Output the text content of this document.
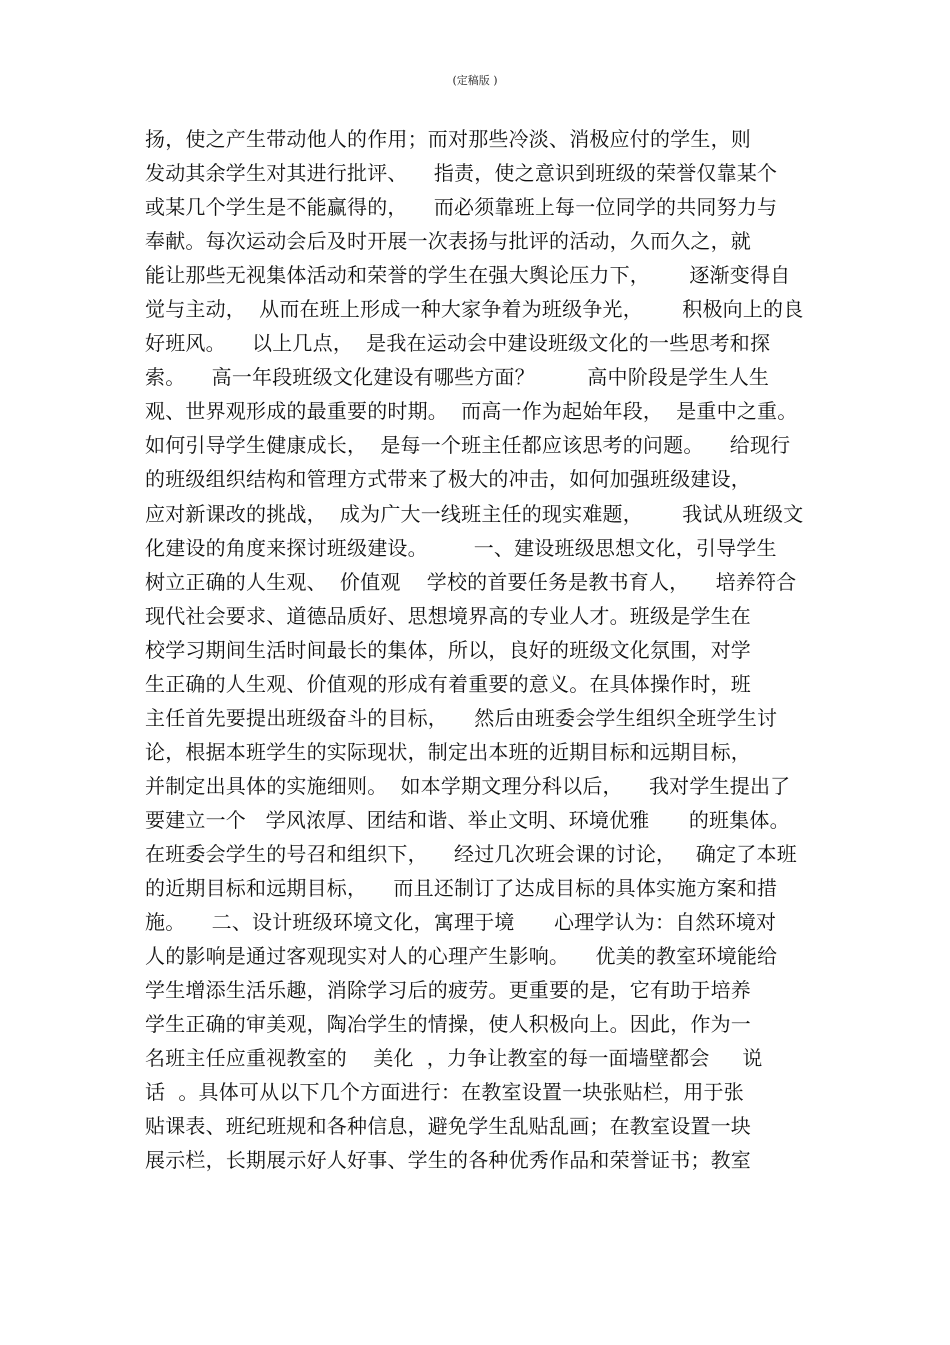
(定稿版 )
扬，使之产生带动他人的作用；而对那些冷淡、消极应付的学生，则
发动其余学生对其进行批评、    指责，使之意识到班级的荣誉仅靠某个
或某几个学生是不能赢得的，    而必须靠班上每一位同学的共同努力与
奉献。每次运动会后及时开展一次表扬与批评的活动，久而久之，就
能让那些无视集体活动和荣誉的学生在强大舆论压力下，      逐渐变得自
觉与主动，  从而在班上形成一种大家争着为班级争光，      积极向上的良
好班风。    以上几点，  是我在运动会中建设班级文化的一些思考和探
索。    高一年段班级文化建设有哪些方面？        高中阶段是学生人生
观、世界观形成的最重要的时期。  而高一作为起始年段，  是重中之重。
如何引导学生健康成长，  是每一个班主任都应该思考的问题。    给现行
的班级组织结构和管理方式带来了极大的冲击，如何加强班级建设，
应对新课改的挑战，  成为广大一线班主任的现实难题，      我试从班级文
化建设的角度来探讨班级建设。       一、建设班级思想文化，引导学生
树立正确的人生观、  价值观    学校的首要任务是教书育人，    培养符合
现代社会要求、道德品质好、思想境界高的专业人才。班级是学生在
校学习期间生活时间最长的集体，所以，良好的班级文化氛围，对学
生正确的人生观、价值观的形成有着重要的意义。在具体操作时，班
主任首先要提出班级奋斗的目标，    然后由班委会学生组织全班学生讨
论，根据本班学生的实际现状，制定出本班的近期目标和远期目标，
并制定出具体的实施细则。  如本学期文理分科以后，    我对学生提出了
要建立一个   学风浓厚、团结和谐、举止文明、环境优雅      的班集体。
在班委会学生的号召和组织下，    经过几次班会课的讨论，   确定了本班
的近期目标和远期目标，    而且还制订了达成目标的具体实施方案和措
施。    二、设计班级环境文化，寓理于境      心理学认为：自然环境对
人的影响是通过客观现实对人的心理产生影响。    优美的教室环境能给
学生增添生活乐趣，消除学习后的疲劳。更重要的是，它有助于培养
学生正确的审美观，陶冶学生的情操，使人积极向上。因此，作为一
名班主任应重视教室的    美化  ，力争让教室的每一面墙壁都会     说
话  。具体可从以下几个方面进行：在教室设置一块张贴栏，用于张
贴课表、班纪班规和各种信息，避免学生乱贴乱画；在教室设置一块
展示栏，长期展示好人好事、学生的各种优秀作品和荣誉证书；教室
